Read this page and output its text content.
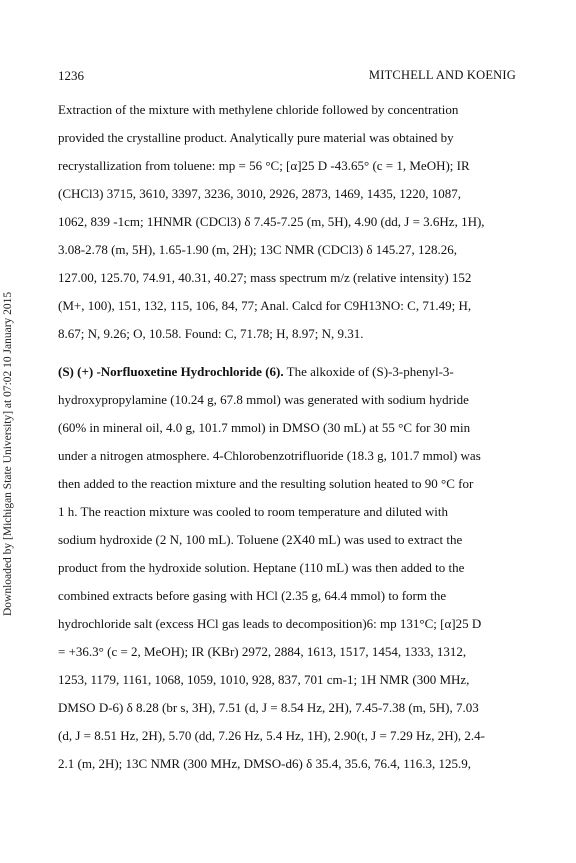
1236	MITCHELL AND KOENIG
Downloaded by [Michigan State University] at 07:02 10 January 2015
Extraction of the mixture with methylene chloride followed by concentration
provided the crystalline product. Analytically pure material was obtained by
recrystallization from toluene: mp = 56 °C; [α]25 D -43.65° (c = 1, MeOH); IR
(CHCl3) 3715, 3610, 3397, 3236, 3010, 2926, 2873, 1469, 1435, 1220, 1087,
1062, 839 -1cm; 1HNMR (CDCl3) δ 7.45-7.25 (m, 5H), 4.90 (dd, J = 3.6Hz, 1H),
3.08-2.78 (m, 5H), 1.65-1.90 (m, 2H); 13C NMR (CDCl3) δ 145.27, 128.26,
127.00, 125.70, 74.91, 40.31, 40.27; mass spectrum m/z (relative intensity) 152
(M+, 100), 151, 132, 115, 106, 84, 77; Anal. Calcd for C9H13NO: C, 71.49; H,
8.67; N, 9.26; O, 10.58. Found: C, 71.78; H, 8.97; N, 9.31.
(S) (+) -Norfluoxetine Hydrochloride (6). The alkoxide of (S)-3-phenyl-3-
hydroxypropylamine (10.24 g, 67.8 mmol) was generated with sodium hydride
(60% in mineral oil, 4.0 g, 101.7 mmol) in DMSO (30 mL) at 55 °C for 30 min
under a nitrogen atmosphere. 4-Chlorobenzotrifluoride (18.3 g, 101.7 mmol) was
then added to the reaction mixture and the resulting solution heated to 90 °C for
1 h. The reaction mixture was cooled to room temperature and diluted with
sodium hydroxide (2 N, 100 mL). Toluene (2X40 mL) was used to extract the
product from the hydroxide solution. Heptane (110 mL) was then added to the
combined extracts before gasing with HCl (2.35 g, 64.4 mmol) to form the
hydrochloride salt (excess HCl gas leads to decomposition)6: mp 131°C; [α]25 D
= +36.3° (c = 2, MeOH); IR (KBr) 2972, 2884, 1613, 1517, 1454, 1333, 1312,
1253, 1179, 1161, 1068, 1059, 1010, 928, 837, 701 cm-1; 1H NMR (300 MHz,
DMSO D-6) δ 8.28 (br s, 3H), 7.51 (d, J = 8.54 Hz, 2H), 7.45-7.38 (m, 5H), 7.03
(d, J = 8.51 Hz, 2H), 5.70 (dd, 7.26 Hz, 5.4 Hz, 1H), 2.90(t, J = 7.29 Hz, 2H), 2.4-
2.1 (m, 2H); 13C NMR (300 MHz, DMSO-d6) δ 35.4, 35.6, 76.4, 116.3, 125.9,
